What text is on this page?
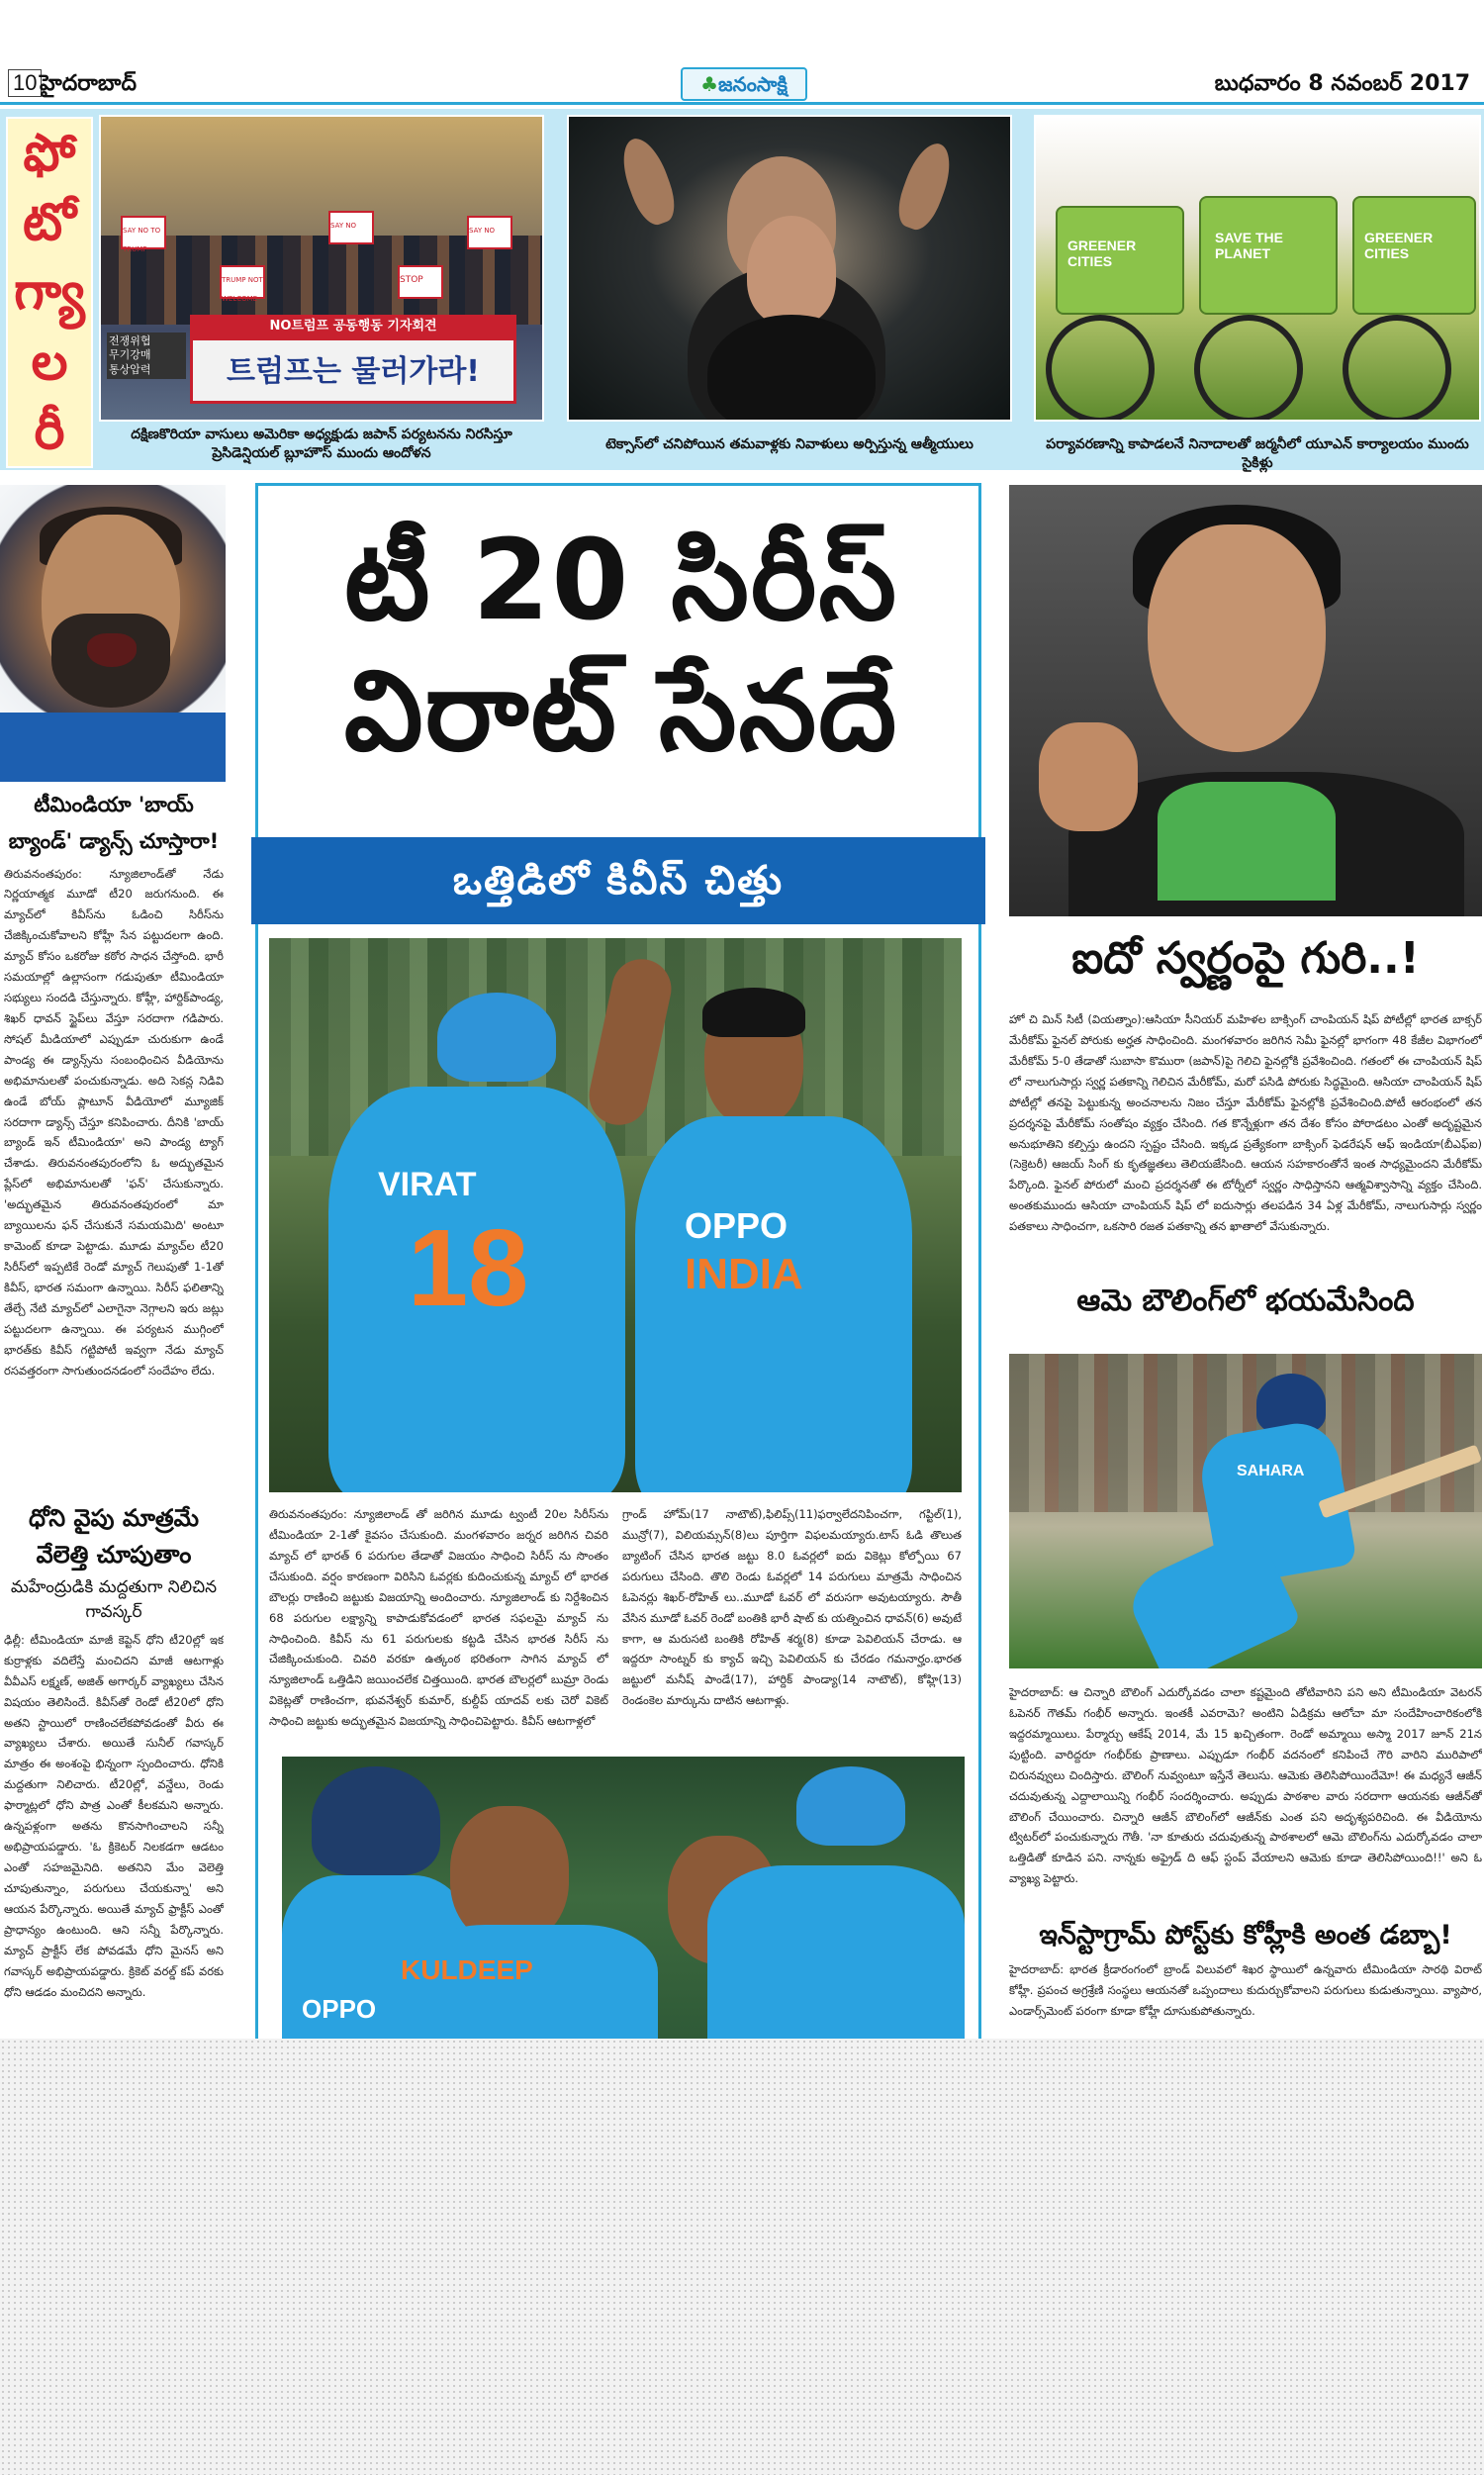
10 హైదరాబాద్	♣జనంసాక్షి	బుధవారం 8 నవంబర్ 2017
ఫో
టో
గ్యా
ల
రీ
SAY NO TO TRUMP
TRUMP NOT WELCOME
STOP
SAY NO
SAY NO
전쟁위협
무기강매
통상압력
NO트럼프 공동행동 기자회견
트럼프는 물러가라!
GREENER CITIES
SAVE THE PLANET
GREENER CITIES
దక్షిణకొరియా వాసులు అమెరికా అధ్యక్షుడు జపాన్ పర్యటనను నిరసిస్తూ ప్రెసిడెన్షియల్ బ్లూహౌస్ ముందు ఆందోళన
టెక్సాస్‌లో చనిపోయిన తమవాళ్లకు నివాళులు అర్పిస్తున్న ఆత్మీయులు	పర్యావరణాన్ని కాపాడలనే నినాదాలతో జర్మనీలో యూఎన్ కార్యాలయం ముందు సైకిళ్లు
టీమిండియా 'బాయ్ బ్యాండ్' డ్యాన్స్ చూస్తారా!

తిరువనంతపురం: న్యూజిలాండ్‌తో నేడు నిర్ణయాత్మక మూడో టీ20 జరుగనుంది. ఈ మ్యాచ్‌లో కివీస్‌ను ఓడించి సిరీస్‌ను చేజిక్కించుకోవాలని కోహ్లీ సేన పట్టుదలగా ఉంది. మ్యాచ్ కోసం ఒకరోజు కఠోర సాధన చేస్తోంది. భారీ సమయాల్లో ఉల్లాసంగా గడుపుతూ టీమిండియా సభ్యులు సందడి చేస్తున్నారు. కోహ్లీ, హార్దిక్‌పాండ్య, శిఖర్ ధావన్ స్టైప్‌లు వేస్తూ సరదాగా గడిపారు. సోషల్ మీడియాలో ఎప్పుడూ చురుకుగా ఉండే పాండ్య ఈ డ్యాన్స్‌ను సంబంధించిన వీడియోను అభిమానులతో పంచుకున్నాడు. అది సెకన్ల నిడివి ఉండే బోయ్ ప్లాటూన్ వీడియోలో మ్యూజిక్ సరదాగా డ్యాన్స్ చేస్తూ కనిపించారు. దీనికి 'బాయ్ బ్యాండ్ ఇన్ టీమిండియా' అని పాండ్య ట్యాగ్ చేశాడు. తిరువనంతపురంలోని ఓ అద్భుతమైన ప్లేస్‌లో అభిమానులతో 'ఫన్' చేసుకున్నారు. 'అద్భుతమైన తిరువనంతపురంలో మా బ్యాయిలను ఫన్ చేసుకునే సమయమిది' అంటూ కామెంట్ కూడా పెట్టాడు. మూడు మ్యాచ్‌ల టీ20 సిరీస్‌లో ఇప్పటికే రెండో మ్యాచ్ గెలుపుతో 1-1తో కివీస్, భారత సమంగా ఉన్నాయి. సిరీస్ ఫలితాన్ని తేల్చే నేటి మ్యాచ్‌లో ఎలాగైనా నెగ్గాలని ఇరు జట్లు పట్టుదలగా ఉన్నాయి. ఈ పర్యటన ముగ్గింలో భారత్‌కు కివీస్ గట్టిపోటీ ఇవ్వగా నేడు మ్యాచ్ రసవత్తరంగా సాగుతుందనడంలో సందేహం లేదు.

ధోని వైపు మాత్రమే వేలెత్తి చూపుతాం
మహేంద్రుడికి మద్దతుగా నిలిచిన గావస్కర్

ఢిల్లీ: టీమిండియా మాజీ కెప్టెన్ ధోని టీ20ల్లో ఇక కుర్రాళ్లకు వదిలేస్తే మంచిదని మాజీ ఆటగాళ్లు వీవీఎస్ లక్ష్మణ్, అజిత్ అగార్కర్ వ్యాఖ్యలు చేసిన విషయం తెలిసిందే. కివీస్‌తో రెండో టీ20లో ధోని అతని స్టాయిలో రాణించలేకపోవడంతో వీరు ఈ వ్యాఖ్యలు చేశారు. అయితే సునీల్ గవాస్కర్ మాత్రం ఈ అంశంపై భిన్నంగా స్పందించారు. ధోనికి మద్దతుగా నిలిచారు. టీ20ల్లో, వన్డేలు, రెండు ఫార్మాట్లలో ధోని పాత్ర ఎంతో కీలకమని అన్నారు. ఉన్నపళ్లంగా అతను కొనసాగించాలని సన్నీ అభిప్రాయపడ్డారు. 'ఓ క్రికెటర్ నిలకడగా ఆడటం ఎంతో సహజమైనిది. అతనిని మేం వెలెత్తి చూపుతున్నాం, పరుగులు చేయకున్నా' అని ఆయన పేర్కొన్నారు. అయితే మ్యాచ్ ఫ్రాక్టీస్ ఎంతో ప్రాధాన్యం ఉంటుంది. ఆని సన్నీ పేర్కొన్నారు. మ్యాచ్ ప్రాక్టీస్ లేక పోవడమే ధోని మైనస్ అని గవాస్కర్ అభిప్రాయపడ్డారు. క్రికెట్ వరల్డ్ కప్ వరకు ధోని ఆడడం మంచిదని అన్నారు.

టీ 20 సిరీస్
విరాట్ సేనదే
ఒత్తిడిలో కివీస్ చిత్తు
VIRAT
18	OPPO
INDIA

తిరువనంతపురం: న్యూజిలాండ్ తో జరిగిన మూడు ట్వంటీ 20ల సిరీస్‌ను టీమిండియా 2-1తో కైవసం చేసుకుంది. మంగళవారం జర్నర జరిగిన చివరి మ్యాచ్ లో భారత్ 6 పరుగుల తేడాతో విజయం సాధించి సిరీస్ ను సొంతం చేసుకుంది. వర్షం కారణంగా విరిసిని ఓవర్లకు కుదించుకున్న మ్యాచ్ లో భారత బౌలర్లు రాణించి జట్టుకు విజయాన్ని అందించారు. న్యూజిలాండ్ కు నిర్దేశించిన 68 పరుగుల లక్ష్యాన్ని కాపాడుకోవడంలో భారత సఫలమై మ్యాచ్ ను సాధించింది. కివీస్ ను 61 పరుగులకు కట్టడి చేసిన భారత సిరీస్ ను చేజిక్కించుకుంది. చివరి వరకూ ఉత్కంఠ భరితంగా సాగిన మ్యాచ్ లో న్యూజిలాండ్ ఒత్తిడిని జయించలేక చిత్తయింది. భారత బౌలర్లలో బుమ్రా రెండు వికెట్లతో రాణించగా, భువనేశ్వర్ కుమార్, కుల్దీప్ యాదవ్ లకు చెరో వికెట్ సాధించి జట్టుకు అద్భుతమైన విజయాన్ని సాధించిపెట్టారు. కివీస్ ఆటగాళ్లలో

గ్రాండ్ హోమ్(17 నాటౌట్),ఫిలిప్స్(11)ఫర్వాలేదనిపించగా, గప్టిల్(1), మున్రో(7), విలియమ్సన్(8)లు పూర్తిగా విఫలమయ్యారు.టాస్ ఓడి తొలుత బ్యాటింగ్ చేసిన భారత జట్టు 8.0 ఓవర్లలో ఐదు వికెట్లు కోల్పోయి 67 పరుగులు చేసింది. తొలి రెండు ఓవర్లలో 14 పరుగులు మాత్రమే సాధించిన ఓపెనర్లు శిఖర్-రోహిత్ లు..మూడో ఓవర్ లో వరుసగా అవుటయ్యారు. సౌతీ వేసిన మూడో ఓవర్ రెండో బంతికి భారీ షాట్ కు యత్నించిన ధావన్(6) అవుటే కాగా, ఆ మరుసటి బంతికి రోహిత్ శర్మ(8) కూడా పెవిలియన్ చేరాడు. ఆ ఇద్దరూ సాంట్నర్ కు క్యాచ్ ఇచ్చి పెవిలియన్ కు చేరడం గమనార్హం.భారత జట్టులో మనీష్ పాండే(17), హార్దిక్ పాండ్యా(14 నాటౌట్), కోహ్లి(13) రెండంకెల మార్కును దాటిన ఆటగాళ్లు.

KULDEEP
OPPO
ఐదో స్వర్ణంపై గురి..!

హో చి మిన్ సిటీ (వియత్నాం):ఆసియా సీనియర్ మహిళల బాక్సింగ్ చాంపియన్ షిప్ పోటీల్లో భారత బాక్సర్ మేరీకోమ్ ఫైనల్ పోరుకు అర్హత సాధించింది. మంగళవారం జరిగిన సెమీ ఫైనల్లో భాగంగా 48 కేజీల విభాగంలో మేరీకోమ్ 5-0 తేడాతో సుబాసా కొమురా (జపాన్)పై గెలిచి ఫైనల్లోకి ప్రవేశించింది. గతంలో ఈ చాంపియన్ షిప్ లో నాలుగుసార్లు స్వర్ణ పతకాన్ని గెలిచిన మేరీకోమ్, మరో పసిడి పోరుకు సిద్ధమైంది. ఆసియా చాంపియన్ షిప్ పోటీల్లో తనపై పెట్టుకున్న అంచనాలను నిజం చేస్తూ మేరీకోమ్ ఫైనల్లోకి ప్రవేశించింది.పోటీ ఆరంభంలో తన ప్రదర్శనపై మేరీకోమ్ సంతోషం వ్యక్తం చేసింది. గత కొన్నేళ్లుగా తన దేశం కోసం పోరాడటం ఎంతో అదృష్టమైన అనుభూతిని కల్పిస్తు ఉందని స్పష్టం చేసింది. ఇక్కడ ప్రత్యేకంగా బాక్సింగ్ ఫెడరేషన్ ఆఫ్ ఇండియా(బీఎఫ్ఐ) (సెక్రెటరీ) ఆజయ్ సింగ్ కు కృతజ్ఞతలు తెలియజేసింది. ఆయన సహకారంతోనే ఇంత సాధ్యమైందని మేరీకోమ్ పేర్కొంది. ఫైనల్ పోరులో మంచి ప్రదర్శనతో ఈ టోర్నీలో స్వర్ణం సాధిస్తానని ఆత్మవిశ్వాసాన్ని వ్యక్తం చేసింది. అంతకుముందు ఆసియా చాంపియన్ షిప్ లో ఐదుసార్లు తలపడిన 34 ఏళ్ల మేరీకోమ్, నాలుగుసార్లు స్వర్ణం పతకాలు సాధించగా, ఒకసారి రజత పతకాన్ని తన ఖాతాలో వేసుకున్నారు.

ఆమె బౌలింగ్‌లో భయమేసింది
SAHARA

హైదరాబాద్: ఆ చిన్నారి బౌలింగ్ ఎదుర్కోవడం చాలా కష్టమైంది తోటివారిని పని అని టీమిండియా వెటరన్ ఓపెనర్ గౌతమ్ గంభీర్ అన్నారు. ఇంతకీ ఎవరామె? అంటిని ఏడిక్రమ ఆలోచా మా సందేహించారికంలోకి ఇద్దరమ్మాయిలు. పేర్మార్చు ఆకేష్ 2014, మే 15 ఖచ్చితంగా. రెండో అమ్మాయి అస్మా 2017 జూన్ 21న పుట్టింది. వారిద్దరూ గంభీర్‌కు ప్రాణాలు. ఎప్పుడూ గంభీర్ వదనంలో కనిపించే గౌరి వారిని మురిపాలో చిరునవ్వులు చిందిస్తారు. బౌలింగ్ నువ్వంటూ ఇస్తేనే తెలుసు. ఆమెకు తెలిసిపోయిందేమో! ఈ మధ్యనే ఆజీన్ చదువుతున్న ఎద్దాలాయిన్ని గంభీర్ సందర్శించారు. అప్పుడు పాఠశాల వారు సరదాగా ఆయనకు ఆజీన్‌తో బౌలింగ్ చేయించారు. చిన్నారి ఆజీన్ బౌలింగ్‌లో ఆజీన్‌కు ఎంత పని అదృశ్యపరిచింది. ఈ వీడియోను ట్విటర్‌లో పంచుకున్నారు గౌతీ. 'నా కూతురు చదువుతున్న పాఠశాలలో ఆమె బౌలింగ్‌ను ఎదుర్కోవడం చాలా ఒత్తిడితో కూడిన పని. నాన్నకు అఫ్రైడ్ ది ఆఫ్ స్టంప్ వేయాలని ఆమెకు కూడా తెలిసిపోయింది!!' అని ఓ వ్యాఖ్య పెట్టారు.

ఇన్‌స్టాగ్రామ్ పోస్ట్‌కు కోహ్లీకి అంత డబ్బా!

హైదరాబాద్: భారత క్రీడారంగంలో బ్రాండ్ విలువలో శిఖర స్థాయిలో ఉన్నవారు టీమిండియా సారథి విరాట్ కోహ్లీ. ప్రపంచ అగ్రశ్రేణి సంస్థలు ఆయనతో ఒప్పందాలు కుదుర్చుకోవాలని పరుగులు కుడుతున్నాయి. వ్యాపార, ఎండార్స్‌మెంట్ పరంగా కూడా కోహ్లీ దూసుకుపోతున్నారు.
